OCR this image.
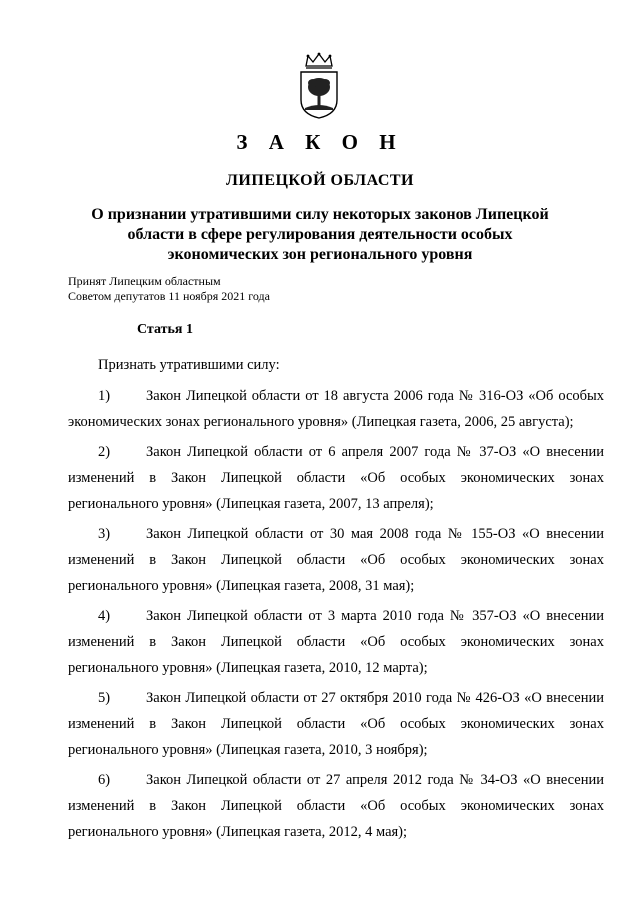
З А К О Н
ЛИПЕЦКОЙ ОБЛАСТИ
О признании утратившими силу некоторых законов Липецкой
области в сфере регулирования деятельности особых
экономических зон регионального уровня
Принят Липецким областным
Советом депутатов 11 ноября 2021 года
Статья 1
Признать утратившими силу:
1) Закон Липецкой области от 18 августа 2006 года № 316-ОЗ «Об особых экономических зонах регионального уровня» (Липецкая газета, 2006, 25 августа);
2) Закон Липецкой области от 6 апреля 2007 года № 37-ОЗ «О внесении изменений в Закон Липецкой области «Об особых экономических зонах регионального уровня» (Липецкая газета, 2007, 13 апреля);
3) Закон Липецкой области от 30 мая 2008 года № 155-ОЗ «О внесении изменений в Закон Липецкой области «Об особых экономических зонах регионального уровня» (Липецкая газета, 2008, 31 мая);
4) Закон Липецкой области от 3 марта 2010 года № 357-ОЗ «О внесении изменений в Закон Липецкой области «Об особых экономических зонах регионального уровня» (Липецкая газета, 2010, 12 марта);
5) Закон Липецкой области от 27 октября 2010 года № 426-ОЗ «О внесении изменений в Закон Липецкой области «Об особых экономических зонах регионального уровня» (Липецкая газета, 2010, 3 ноября);
6) Закон Липецкой области от 27 апреля 2012 года № 34-ОЗ «О внесении изменений в Закон Липецкой области «Об особых экономических зонах регионального уровня» (Липецкая газета, 2012, 4 мая);
